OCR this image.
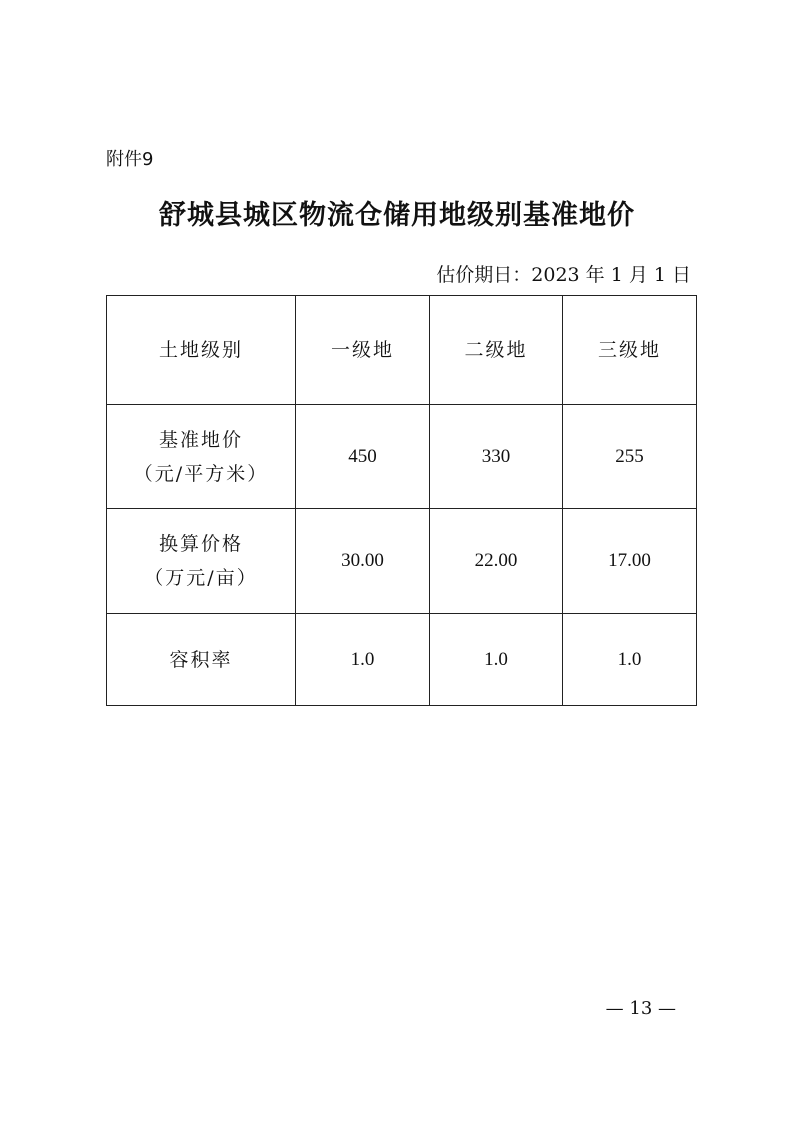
附件9
舒城县城区物流仓储用地级别基准地价
估价期日：2023 年 1 月 1 日
土地级别	一级地	二级地	三级地

基准地价
（元/平方米）	450	330	255

换算价格
（万元/亩）	30.00	22.00	17.00
容积率	1.0	1.0	1.0
— 13 —
